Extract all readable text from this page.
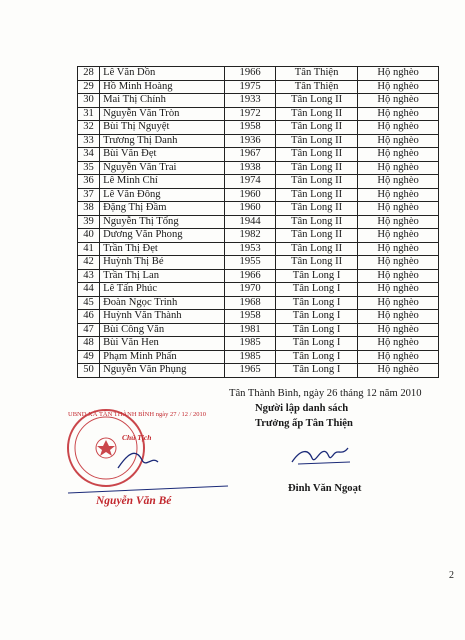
28	Lê Văn Dồn	1966	Tân Thiện	Hộ nghèo
29	Hồ Minh Hoàng	1975	Tân Thiện	Hộ nghèo
30	Mai Thị Chính	1933	Tân Long II	Hộ nghèo
31	Nguyễn Văn Tròn	1972	Tân Long II	Hộ nghèo
32	Bùi Thị Nguyệt	1958	Tân Long II	Hộ nghèo
33	Trương Thị Danh	1936	Tân Long II	Hộ nghèo
34	Bùi Văn Đẹt	1967	Tân Long II	Hộ nghèo
35	Nguyễn Văn Trai	1938	Tân Long II	Hộ nghèo
36	Lê Minh Chí	1974	Tân Long II	Hộ nghèo
37	Lê Văn Đông	1960	Tân Long II	Hộ nghèo
38	Đặng Thị Đầm	1960	Tân Long II	Hộ nghèo
39	Nguyễn Thị Tổng	1944	Tân Long II	Hộ nghèo
40	Dương Văn Phong	1982	Tân Long II	Hộ nghèo
41	Trần Thị Đẹt	1953	Tân Long II	Hộ nghèo
42	Huỳnh Thị Bé	1955	Tân Long II	Hộ nghèo
43	Trần Thị Lan	1966	Tân Long I	Hộ nghèo
44	Lê Tấn Phúc	1970	Tân Long I	Hộ nghèo
45	Đoàn Ngọc Trinh	1968	Tân Long I	Hộ nghèo
46	Huỳnh Văn Thành	1958	Tân Long I	Hộ nghèo
47	Bùi Công Văn	1981	Tân Long I	Hộ nghèo
48	Bùi Văn Hen	1985	Tân Long I	Hộ nghèo
49	Phạm Minh Phấn	1985	Tân Long I	Hộ nghèo
50	Nguyễn Văn Phụng	1965	Tân Long I	Hộ nghèo
Tân Thành Bình, ngày 26 tháng 12 năm 2010
Người lập danh sách
Trưởng ấp Tân Thiện
Đinh Văn Ngoạt
UBND XÃ TÂN THÀNH BÌNH ngày 27 / 12 / 2010
Chủ Tịch
Nguyễn Văn Bé
2
